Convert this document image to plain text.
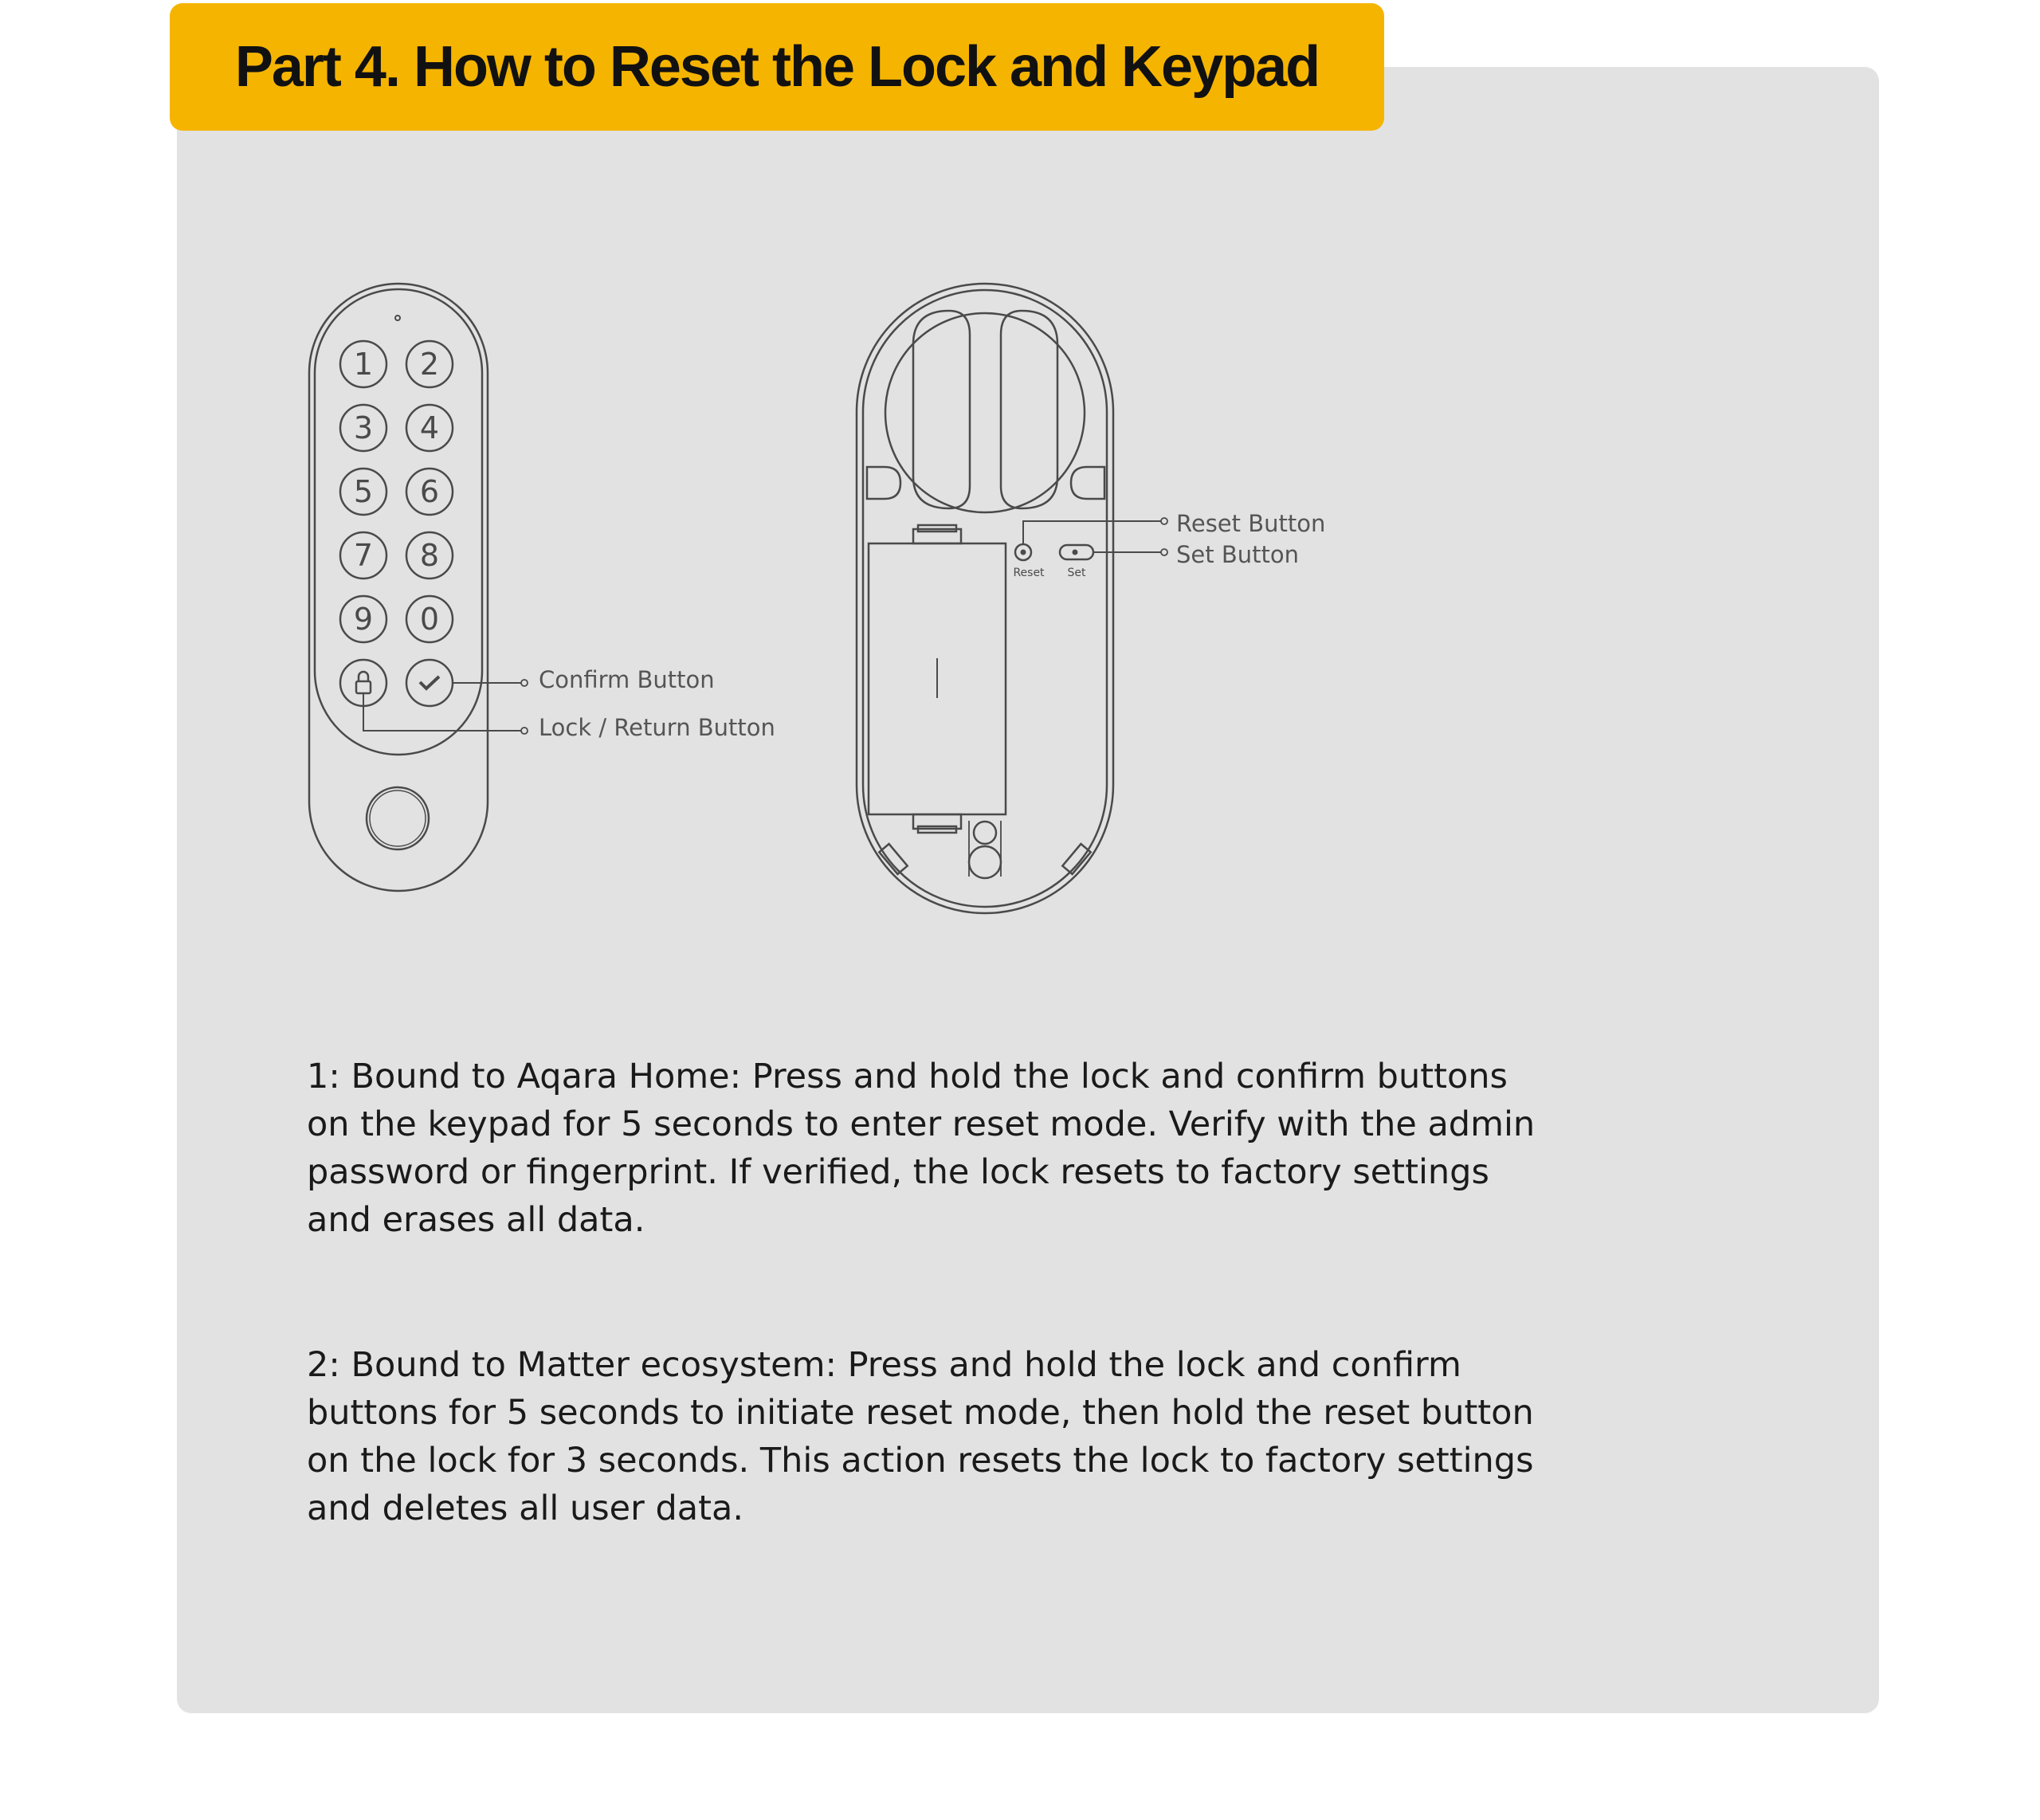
Part 4. How to Reset the Lock and Keypad
1 2
3 4
5 6
7 8
9 0
Reset Set
Confirm Button
Lock / Return Button
Reset Button
Set Button

1: Bound to Aqara Home: Press and hold the lock and confirm buttons on the keypad for 5 seconds to enter reset mode. Verify with the admin password or fingerprint. If verified, the lock resets to factory settings and erases all data.

2: Bound to Matter ecosystem: Press and hold the lock and confirm buttons for 5 seconds to initiate reset mode, then hold the reset button on the lock for 3 seconds. This action resets the lock to factory settings and deletes all user data.
